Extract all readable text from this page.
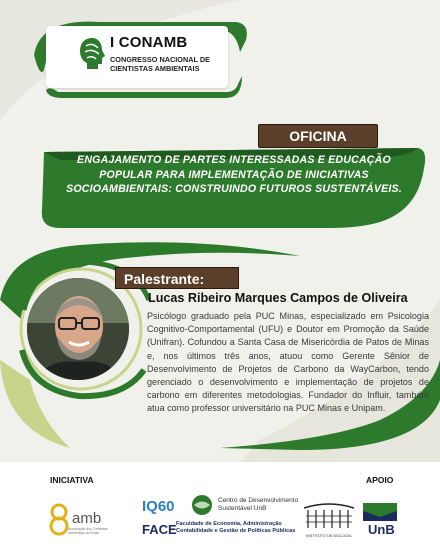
I CONAMB
CONGRESSO NACIONAL DE CIENTISTAS AMBIENTAIS
OFICINA
ENGAJAMENTO DE PARTES INTERESSADAS E EDUCAÇÃO POPULAR PARA IMPLEMENTAÇÃO DE INICIATIVAS SOCIOAMBIENTAIS: CONSTRUINDO FUTUROS SUSTENTÁVEIS.
Palestrante:
Lucas Ribeiro Marques Campos de Oliveira
Psicólogo graduado pela PUC Minas, especializado em Psicologia Cognitivo-Comportamental (UFU) e Doutor em Promoção da Saúde (Unifran). Cofundou a Santa Casa de Misericórdia de Patos de Minas e, nos últimos três anos, atuou como Gerente Sênior de Desenvolvimento de Projetos de Carbono da WayCarbon, tendo gerenciado o desenvolvimento e implementação de projetos de carbono em diferentes metodologias. Fundador do Influir, também atua como professor universitário na PUC Minas e Unipam.
INICIATIVA	APOIO
amb
Associação dos Cientistas Ambientais do Brasil
IQ60	Centro de Desenvolvimento Sustentável UnB
FACE Faculdade de Economia, Administração Contabilidade e Gestão de Políticas Públicas
INSTITUTO DE BIOLOGIA UnB
